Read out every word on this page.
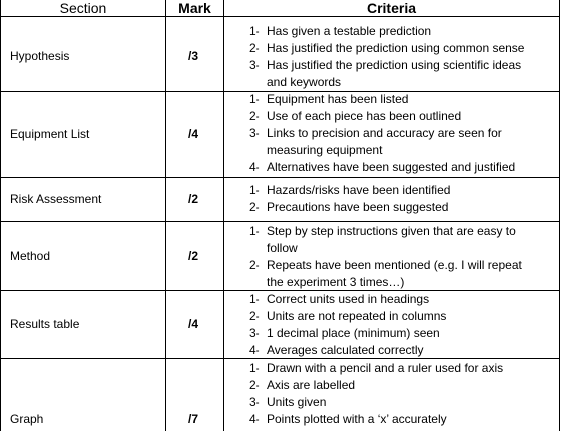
Section	Mark	Criteria
Hypothesis	/3
1- Has given a testable prediction
2- Has justified the prediction using common sense
3- Has justified the prediction using scientific ideas
and keywords
Equipment List	/4
1- Equipment has been listed
2- Use of each piece has been outlined
3- Links to precision and accuracy are seen for
measuring equipment
4- Alternatives have been suggested and justified
Risk Assessment	/2
1- Hazards/risks have been identified
2- Precautions have been suggested
Method	/2
1- Step by step instructions given that are easy to
follow
2- Repeats have been mentioned (e.g. I will repeat
the experiment 3 times…)
Results table	/4
1- Correct units used in headings
2- Units are not repeated in columns
3- 1 decimal place (minimum) seen
4- Averages calculated correctly
Graph	/7
1- Drawn with a pencil and a ruler used for axis
2- Axis are labelled
3- Units given
4- Points plotted with a ‘x’ accurately
